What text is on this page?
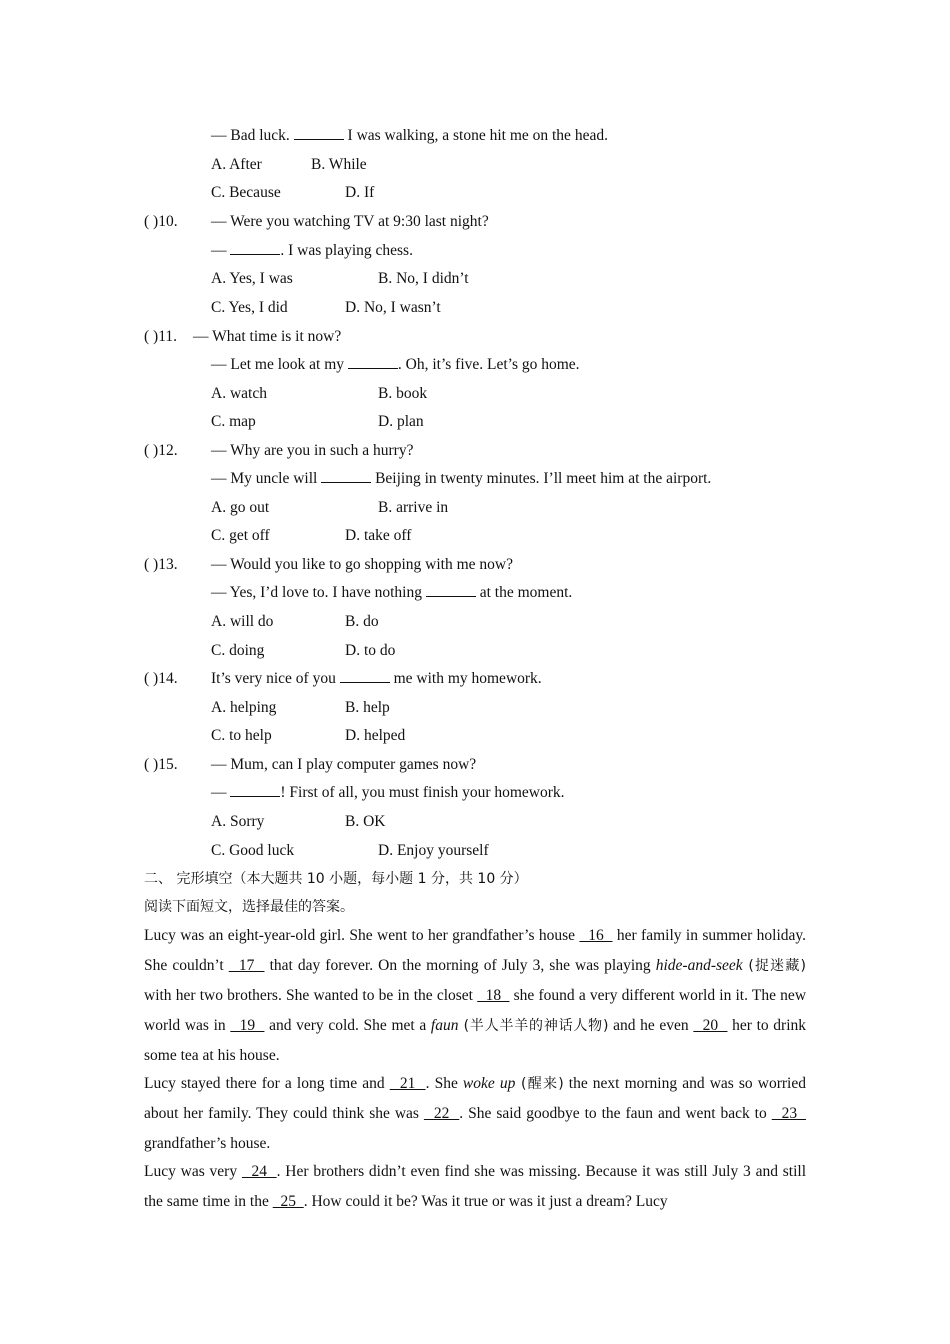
— Bad luck.	I was walking, a stone hit me on the head.
A. After	B. While
C. Because	D. If
( )10. — Were you watching TV at 9:30 last night?
—	. I was playing chess.
A. Yes, I was	B. No, I didn’t
C. Yes, I did	D. No, I wasn’t
( )11. — What time is it now?
— Let me look at my	. Oh, it’s five. Let’s go home.
A. watch	B. book
C. map	D. plan
( )12. — Why are you in such a hurry?
— My uncle will	Beijing in twenty minutes. I’ll meet him at the airport.
A. go out	B. arrive in
C. get off	D. take off
( )13. — Would you like to go shopping with me now?
— Yes, I’d love to. I have nothing	at the moment.
A. will do	B. do
C. doing	D. to do
( )14. It’s very nice of you	me with my homework.
A. helping	B. help
C. to help	D. helped
( )15. — Mum, can I play computer games now?
—	! First of all, you must finish your homework.
A. Sorry	B. OK
C. Good luck	D. Enjoy yourself
二、 完形填空（本大题共 10 小题，每小题 1 分，共 10 分）
阅读下面短文，选择最佳的答案。
Lucy was an eight-year-old girl. She went to her grandfather’s house   16   her family in summer holiday. She couldn’t   17   that day forever. On the morning of July 3, she was playing hide-and-seek (捉迷藏) with her two brothers. She wanted to be in the closet   18   she found a very different world in it. The new world was in   19   and very cold. She met a faun (半人半羊的神话人物) and he even   20   her to drink some tea at his house.
Lucy stayed there for a long time and   21  . She woke up (醒来) the next morning and was so worried about her family. They could think she was   22  . She said goodbye to the faun and went back to   23   grandfather’s house.
Lucy was very   24  . Her brothers didn’t even find she was missing. Because it was still July 3 and still the same time in the   25  . How could it be? Was it true or was it just a dream? Lucy
